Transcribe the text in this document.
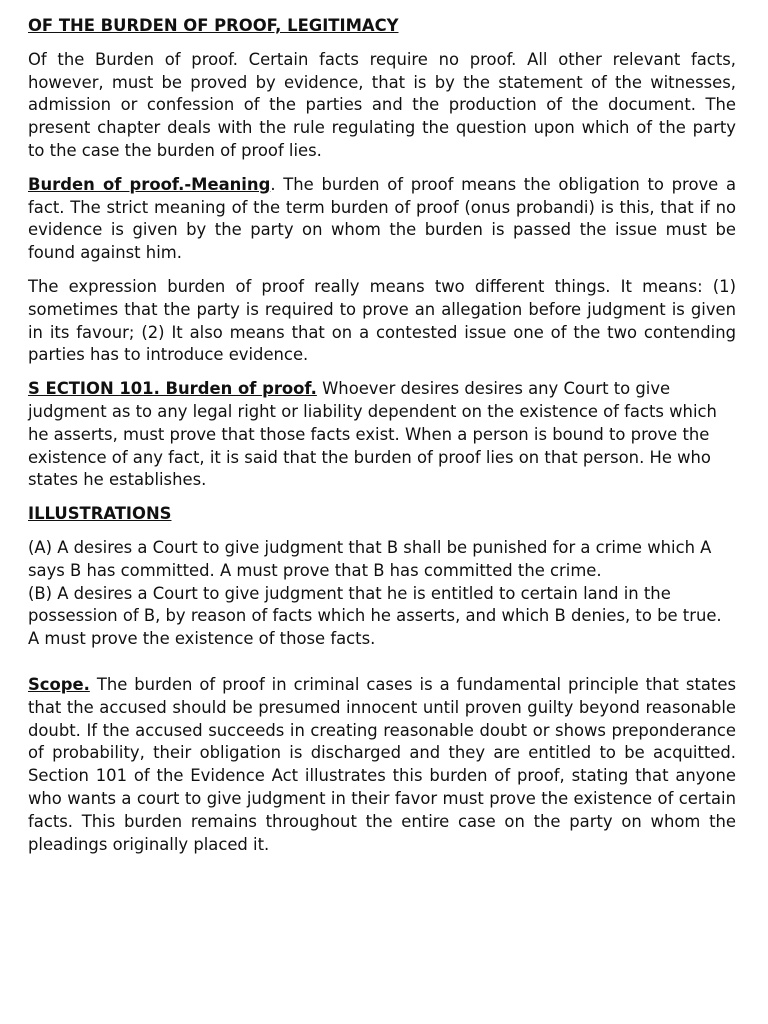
OF THE BURDEN OF PROOF, LEGITIMACY

Of the Burden of proof. Certain facts require no proof. All other relevant facts, however, must be proved by evidence, that is by the statement of the witnesses, admission or confession of the parties and the production of the document. The present chapter deals with the rule regulating the question upon which of the party to the case the burden of proof lies.

Burden of proof.-Meaning. The burden of proof means the obligation to prove a fact. The strict meaning of the term burden of proof (onus probandi) is this, that if no evidence is given by the party on whom the burden is passed the issue must be found against him.

The expression burden of proof really means two different things. It means: (1) sometimes that the party is required to prove an allegation before judgment is given in its favour; (2) It also means that on a contested issue one of the two contending parties has to introduce evidence.

S ECTION 101. Burden of proof. Whoever desires desires any Court to give judgment as to any legal right or liability dependent on the existence of facts which he asserts, must prove that those facts exist. When a person is bound to prove the existence of any fact, it is said that the burden of proof lies on that person. He who states he establishes.

ILLUSTRATIONS
(A) A desires a Court to give judgment that B shall be punished for a crime which A says B has committed. A must prove that B has committed the crime.
(B) A desires a Court to give judgment that he is entitled to certain land in the possession of B, by reason of facts which he asserts, and which B denies, to be true. A must prove the existence of those facts.

Scope. The burden of proof in criminal cases is a fundamental principle that states that the accused should be presumed innocent until proven guilty beyond reasonable doubt. If the accused succeeds in creating reasonable doubt or shows preponderance of probability, their obligation is discharged and they are entitled to be acquitted. Section 101 of the Evidence Act illustrates this burden of proof, stating that anyone who wants a court to give judgment in their favor must prove the existence of certain facts. This burden remains throughout the entire case on the party on whom the pleadings originally placed it.
